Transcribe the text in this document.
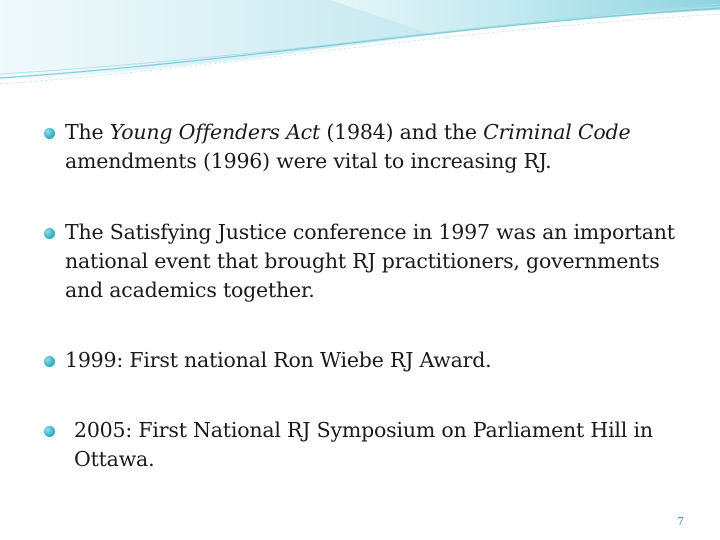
The Young Offenders Act (1984) and the Criminal Code amendments (1996) were vital to increasing RJ.
The Satisfying Justice conference in 1997 was an important national event that brought RJ practitioners, governments and academics together.
1999: First national Ron Wiebe RJ Award.
2005: First National RJ Symposium on Parliament Hill in Ottawa.
7
